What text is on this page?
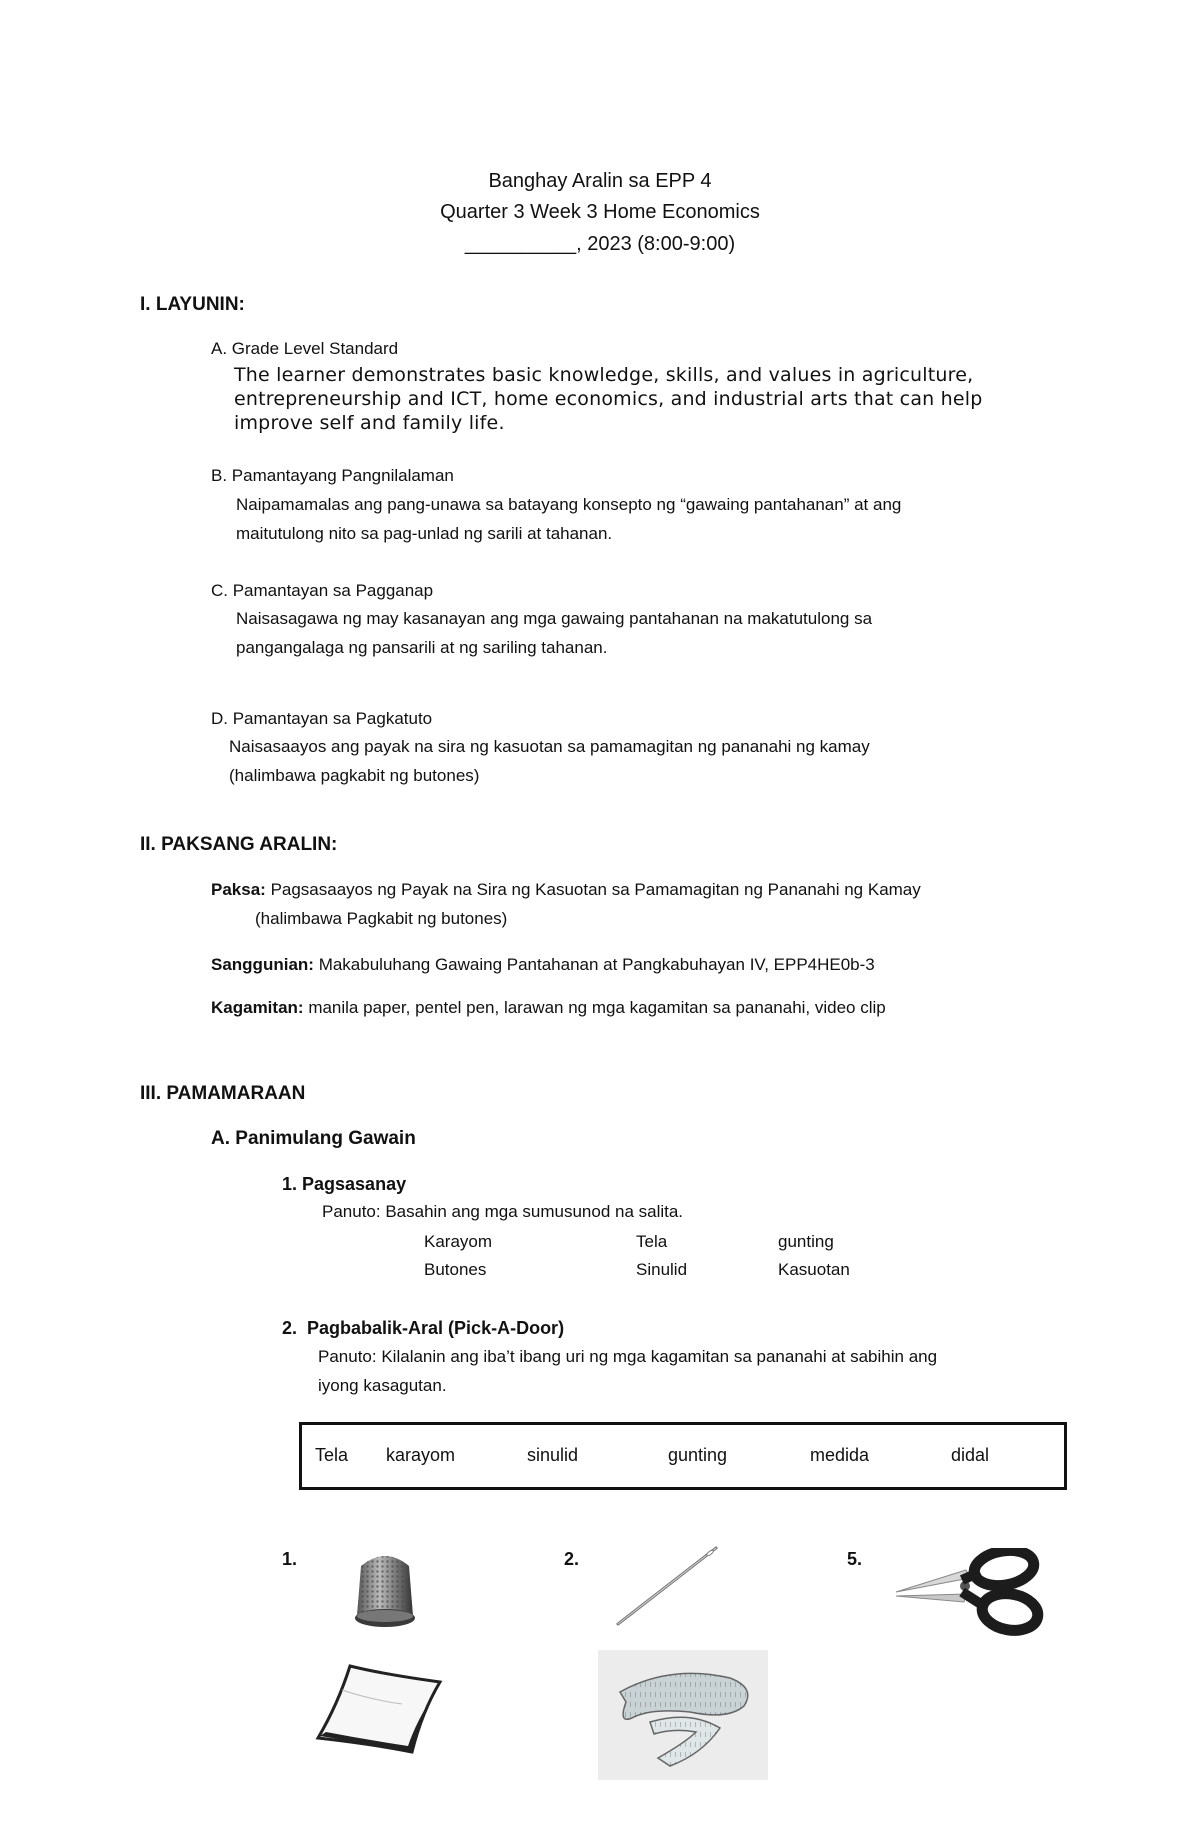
Banghay Aralin sa EPP 4
Quarter 3 Week 3 Home Economics
__________, 2023 (8:00-9:00)
I. LAYUNIN:
A. Grade Level Standard
The learner demonstrates basic knowledge, skills, and values in agriculture,
entrepreneurship and ICT, home economics, and industrial arts that can help
improve self and family life.
B. Pamantayang Pangnilalaman
Naipamamalas ang pang-unawa sa batayang konsepto ng “gawaing pantahanan” at ang
maitutulong nito sa pag-unlad ng sarili at tahanan.
C. Pamantayan sa Pagganap
Naisasagawa ng may kasanayan ang mga gawaing pantahanan na makatutulong sa
pangangalaga ng pansarili at ng sariling tahanan.
D. Pamantayan sa Pagkatuto
Naisasaayos ang payak na sira ng kasuotan sa pamamagitan ng pananahi ng kamay
(halimbawa pagkabit ng butones)
II. PAKSANG ARALIN:
Paksa: Pagsasaayos ng Payak na Sira ng Kasuotan sa Pamamagitan ng Pananahi ng Kamay
(halimbawa Pagkabit ng butones)
Sanggunian: Makabuluhang Gawaing Pantahanan at Pangkabuhayan IV, EPP4HE0b-3
Kagamitan: manila paper, pentel pen, larawan ng mga kagamitan sa pananahi, video clip
III. PAMAMARAAN
A. Panimulang Gawain
1. Pagsasanay
Panuto: Basahin ang mga sumusunod na salita.
Karayom	Tela	gunting
Butones	Sinulid	Kasuotan
2.  Pagbabalik-Aral (Pick-A-Door)
Panuto: Kilalanin ang iba’t ibang uri ng mga kagamitan sa pananahi at sabihin ang
iyong kasagutan.
Tela karayom	sinulid	gunting	medida	didal
1.	2.	5.
